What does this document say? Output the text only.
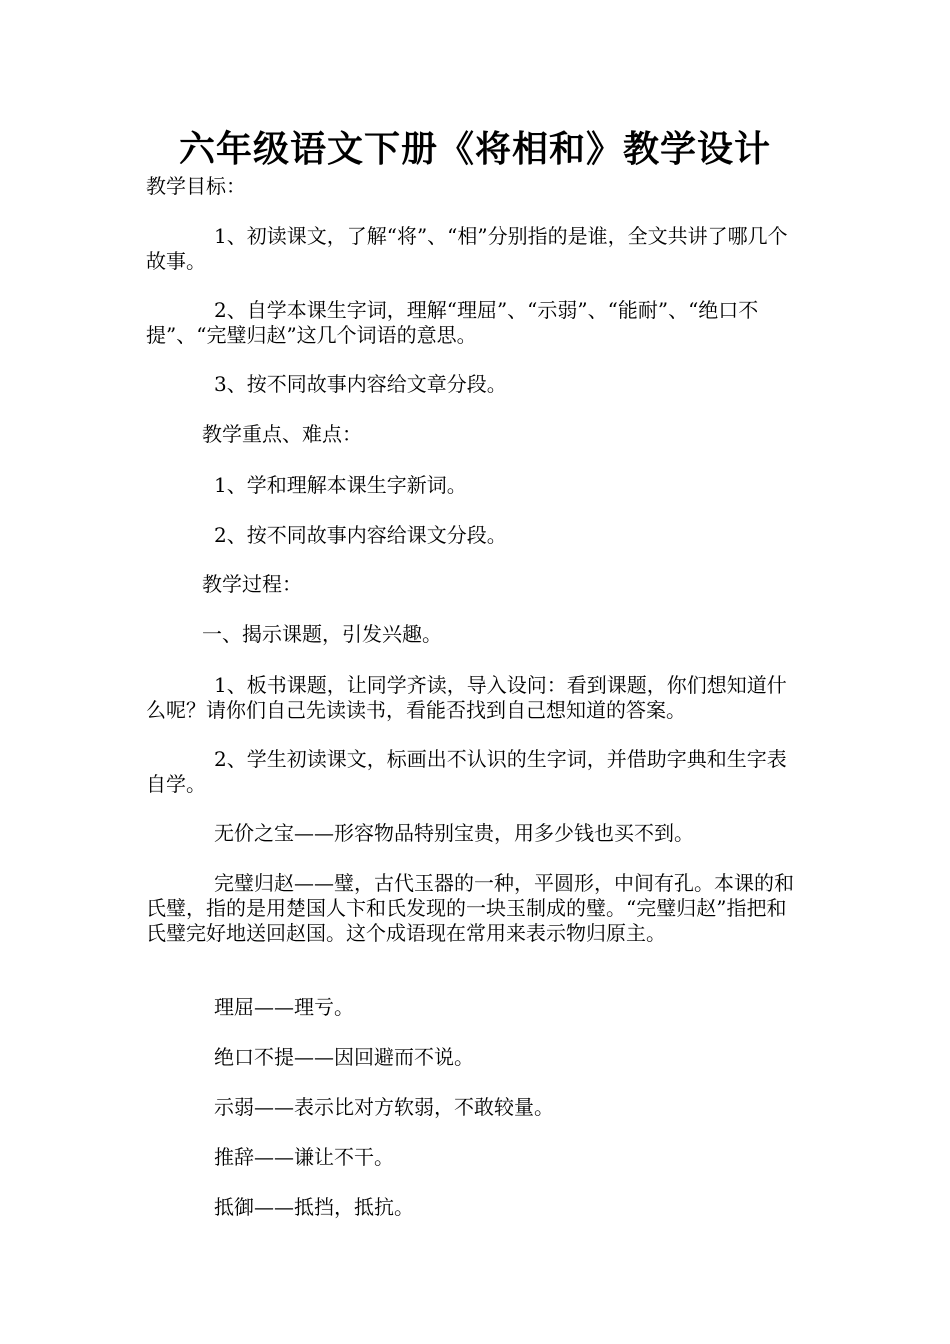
六年级语文下册《将相和》教学设计

教学目标：

1、初读课文，了解“将”、“相”分别指的是谁，全文共讲了哪几个故事。

2、自学本课生字词，理解“理屈”、“示弱”、“能耐”、“绝口不提”、“完璧归赵”这几个词语的意思。

3、按不同故事内容给文章分段。

教学重点、难点：

1、学和理解本课生字新词。

2、按不同故事内容给课文分段。

教学过程：

一、揭示课题，引发兴趣。

1、板书课题，让同学齐读，导入设问：看到课题，你们想知道什么呢？请你们自己先读读书，看能否找到自己想知道的答案。

2、学生初读课文，标画出不认识的生字词，并借助字典和生字表自学。

无价之宝——形容物品特别宝贵，用多少钱也买不到。

完璧归赵——璧，古代玉器的一种，平圆形，中间有孔。本课的和氏璧，指的是用楚国人卞和氏发现的一块玉制成的璧。“完璧归赵”指把和氏璧完好地送回赵国。这个成语现在常用来表示物归原主。

理屈——理亏。

绝口不提——因回避而不说。

示弱——表示比对方软弱，不敢较量。

推辞——谦让不干。

抵御——抵挡，抵抗。
